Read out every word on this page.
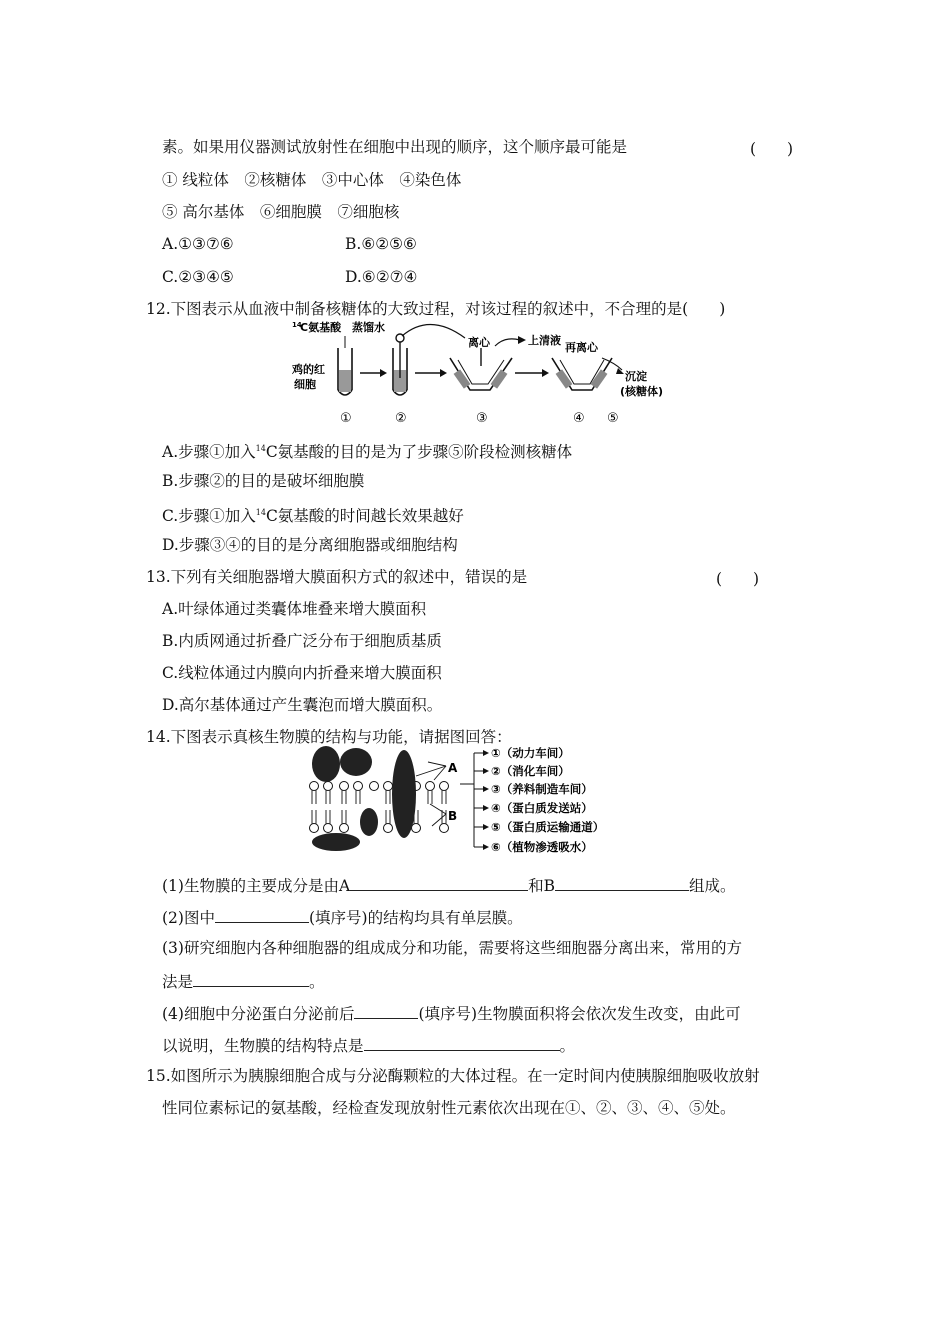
素。如果用仪器测试放射性在细胞中出现的顺序，这个顺序最可能是	(　　)
① 线粒体　②核糖体　③中心体　④染色体
⑤ 高尔基体　⑥细胞膜　⑦细胞核
A.①③⑦⑥	B.⑥②⑤⑥
C.②③④⑤	D.⑥②⑦④
12.下图表示从血液中制备核糖体的大致过程，对该过程的叙述中，不合理的是(　　)
14
C氨基酸 蒸馏水
鸡的红
细胞
离心	上清液
再离心
沉淀
(核糖体)
①	②	③	④ ⑤
A.步骤①加入$^{14}$C氨基酸的目的是为了步骤⑤阶段检测核糖体
B.步骤②的目的是破坏细胞膜
C.步骤①加入$^{14}$C氨基酸的时间越长效果越好
D.步骤③④的目的是分离细胞器或细胞结构
13.下列有关细胞器增大膜面积方式的叙述中，错误的是	(　　)
A.叶绿体通过类囊体堆叠来增大膜面积
B.内质网通过折叠广泛分布于细胞质基质
C.线粒体通过内膜向内折叠来增大膜面积
D.高尔基体通过产生囊泡而增大膜面积。
14.下图表示真核生物膜的结构与功能，请据图回答：
A
B
①（动力车间）
②（消化车间）
③（养料制造车间）
④（蛋白质发送站）
⑤（蛋白质运输通道）
⑥（植物渗透吸水）
(1)生物膜的主要成分是由A	和B	组成。
(2)图中	(填序号)的结构均具有单层膜。
(3)研究细胞内各种细胞器的组成成分和功能，需要将这些细胞器分离出来，常用的方
法是	。
(4)细胞中分泌蛋白分泌前后	(填序号)生物膜面积将会依次发生改变，由此可
以说明，生物膜的结构特点是	。
15.如图所示为胰腺细胞合成与分泌酶颗粒的大体过程。在一定时间内使胰腺细胞吸收放射
性同位素标记的氨基酸，经检查发现放射性元素依次出现在①、②、③、④、⑤处。
